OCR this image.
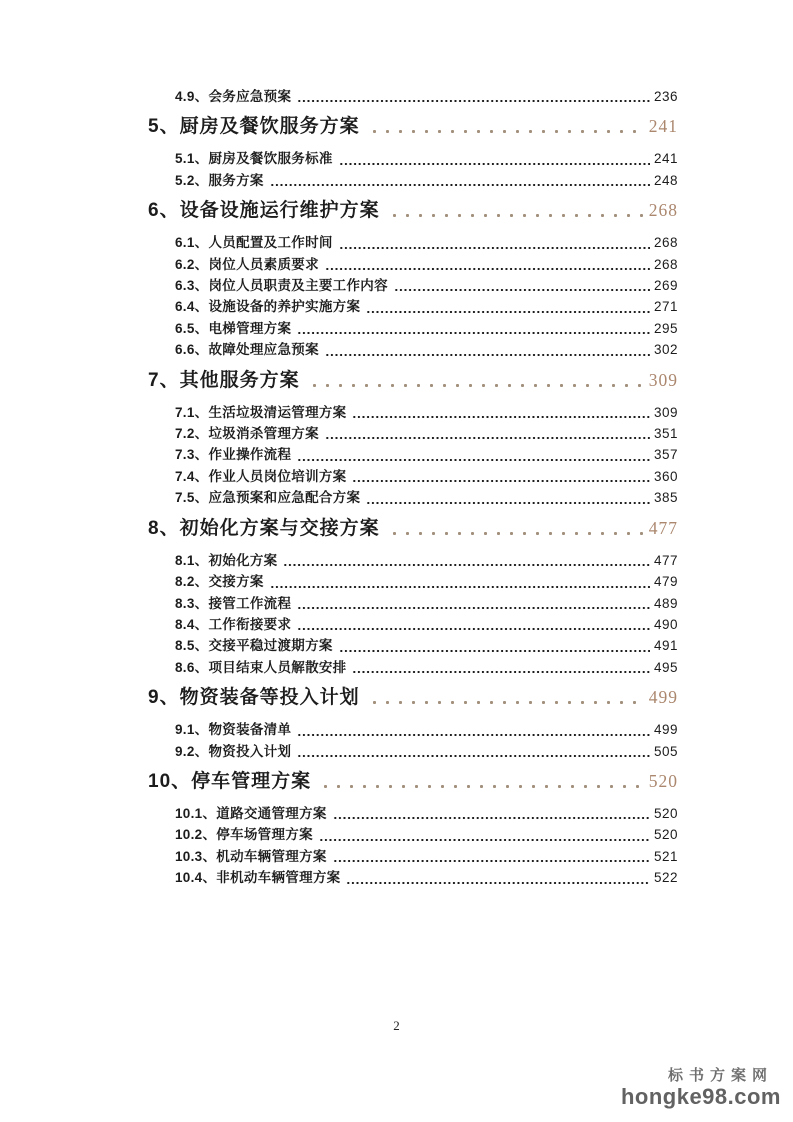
4.9、会务应急预案	236
5、厨房及餐饮服务方案	241
5.1、厨房及餐饮服务标准	241
5.2、服务方案	248
6、设备设施运行维护方案	268
6.1、人员配置及工作时间	268
6.2、岗位人员素质要求	268
6.3、岗位人员职责及主要工作内容	269
6.4、设施设备的养护实施方案	271
6.5、电梯管理方案	295
6.6、故障处理应急预案	302
7、其他服务方案	309
7.1、生活垃圾清运管理方案	309
7.2、垃圾消杀管理方案	351
7.3、作业操作流程	357
7.4、作业人员岗位培训方案	360
7.5、应急预案和应急配合方案	385
8、初始化方案与交接方案	477
8.1、初始化方案	477
8.2、交接方案	479
8.3、接管工作流程	489
8.4、工作衔接要求	490
8.5、交接平稳过渡期方案	491
8.6、项目结束人员解散安排	495
9、物资装备等投入计划	499
9.1、物资装备清单	499
9.2、物资投入计划	505
10、停车管理方案	520
10.1、道路交通管理方案	520
10.2、停车场管理方案	520
10.3、机动车辆管理方案	521
10.4、非机动车辆管理方案	522
2
标书方案网
hongke98.com
